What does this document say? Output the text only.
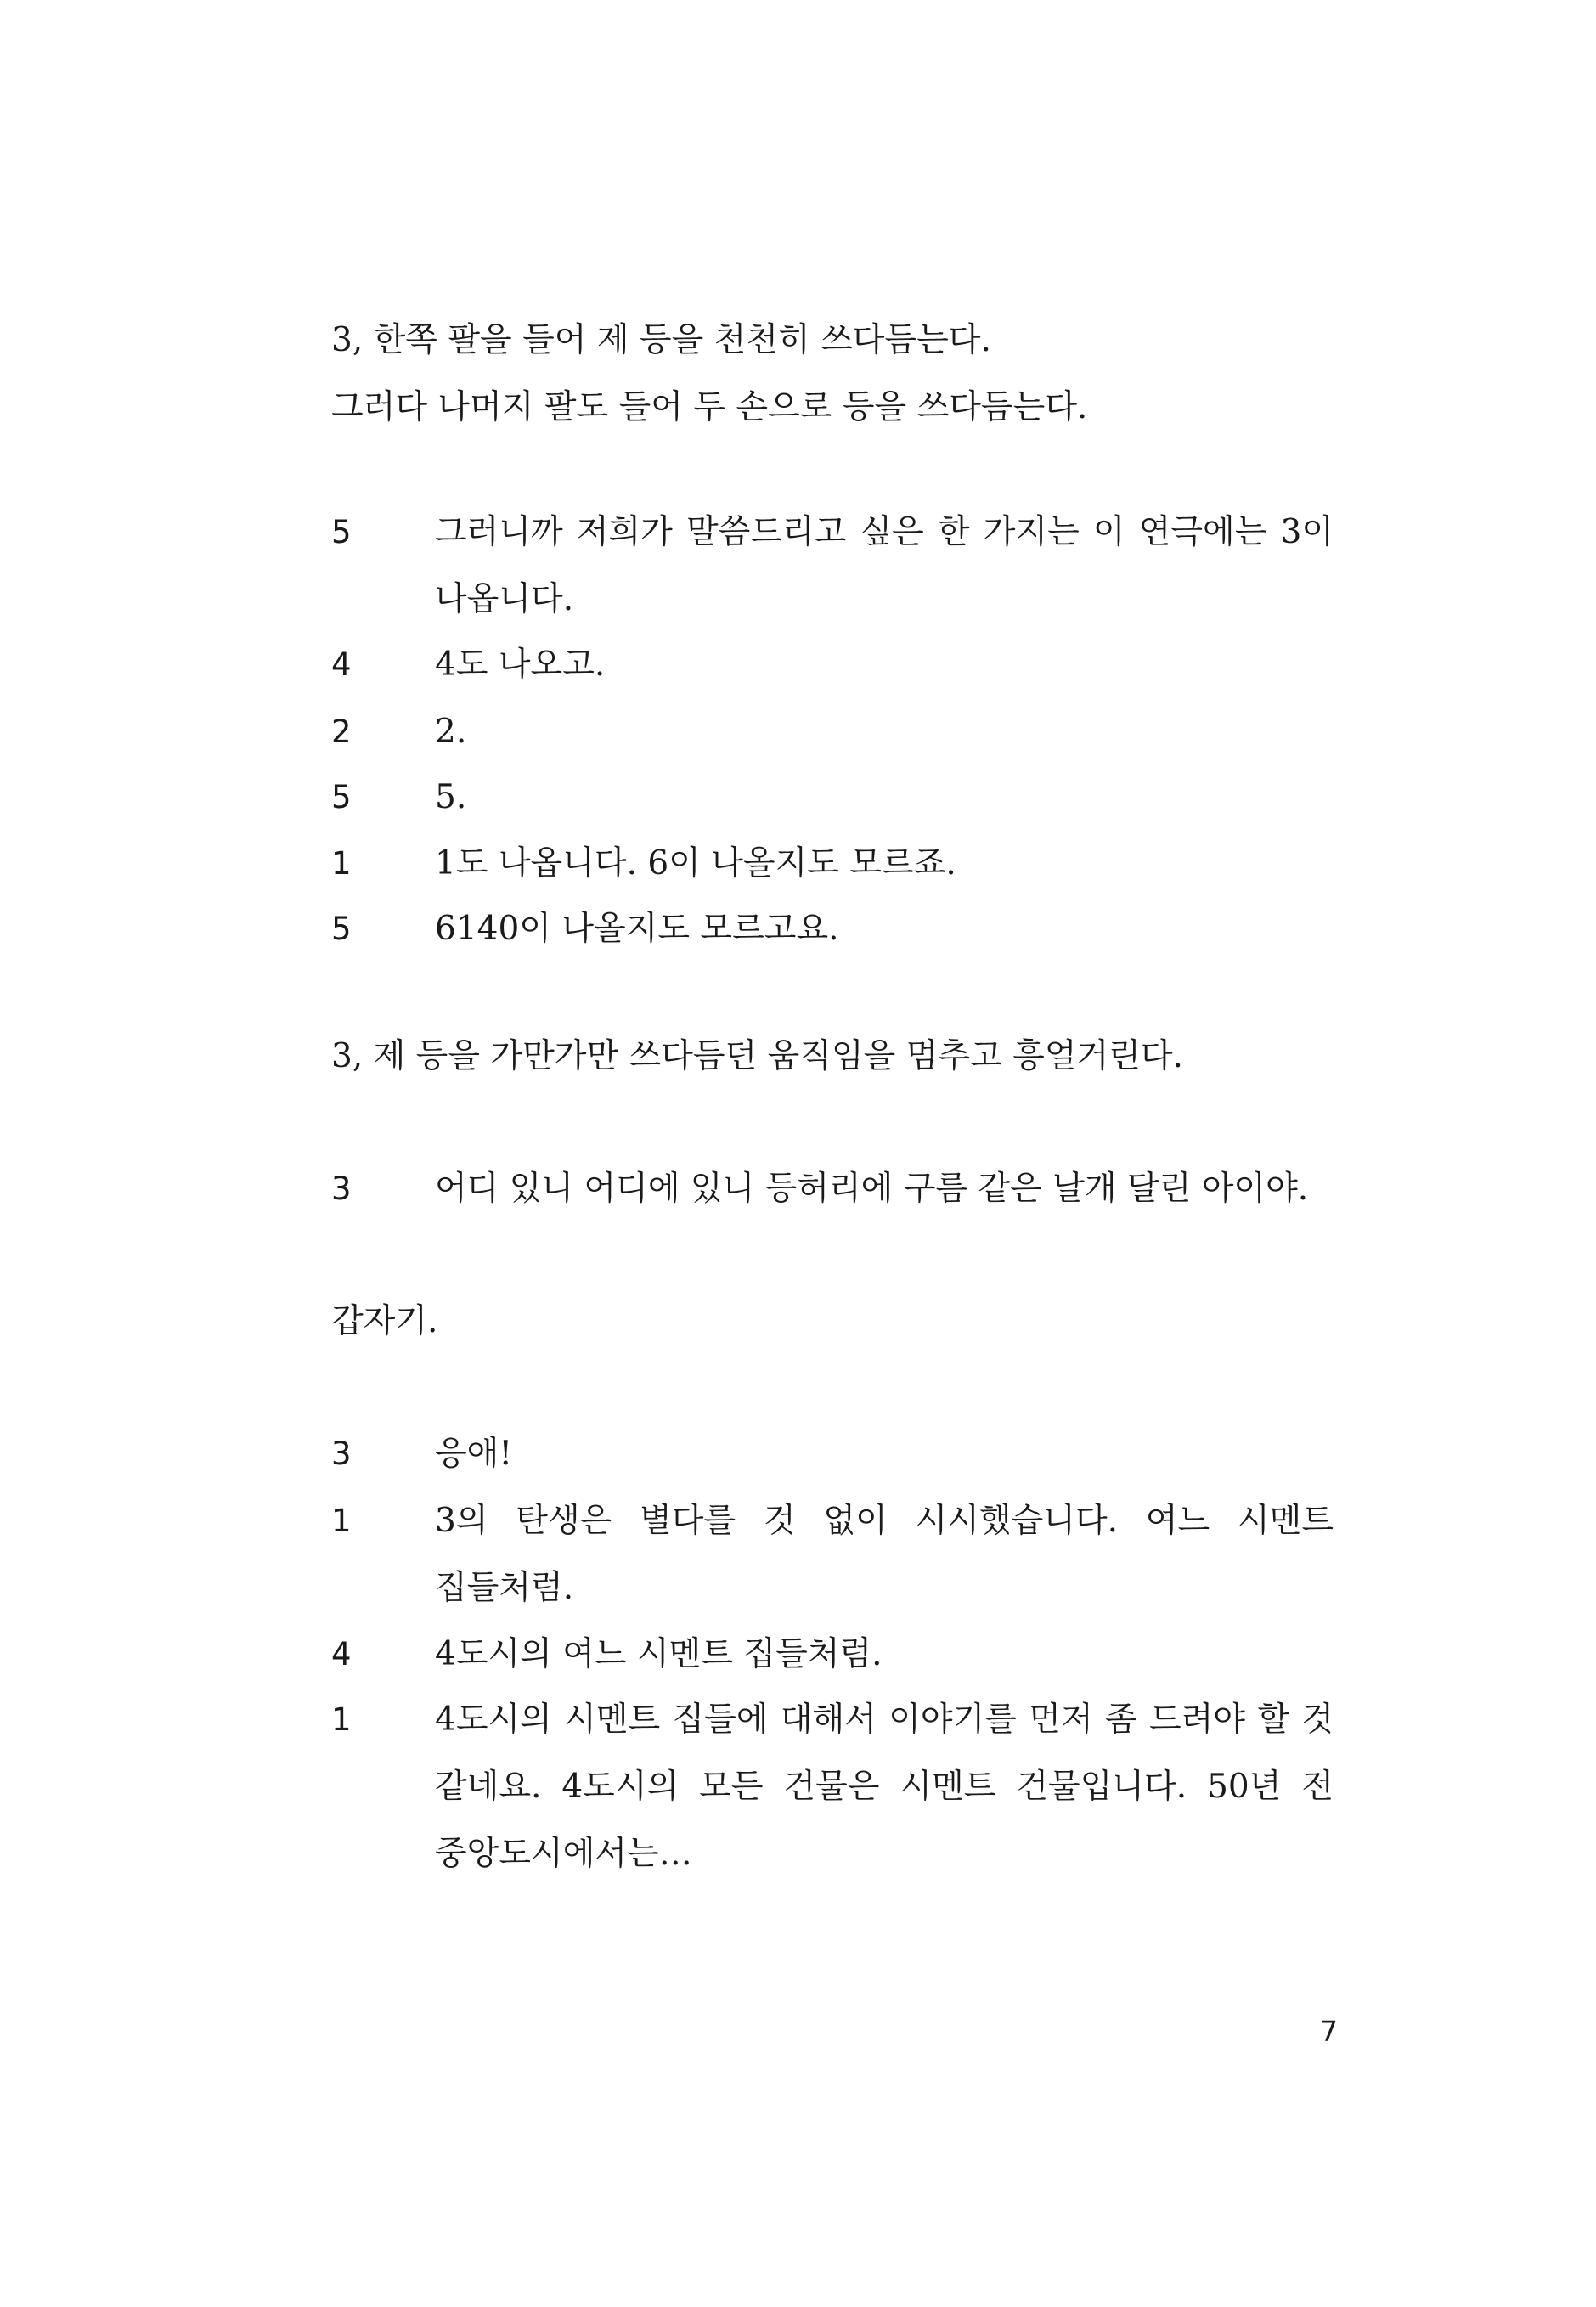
3, 한쪽 팔을 들어 제 등을 천천히 쓰다듬는다.
그러다 나머지 팔도 들어 두 손으로 등을 쓰다듬는다.
5	그러니까 저희가 말씀드리고 싶은 한 가지는 이 연극에는 3이 나옵니다.
4	4도 나오고.
2	2.
5	5.
1	1도 나옵니다. 6이 나올지도 모르죠.
5	6140이 나올지도 모르고요.
3, 제 등을 가만가만 쓰다듬던 움직임을 멈추고 흥얼거린다.
3	어디 있니 어디에 있니 등허리에 구름 같은 날개 달린 아이야.
갑자기.
3	응애!
1	3의 탄생은 별다를 것 없이 시시했습니다. 여느 시멘트 집들처럼.
4	4도시의 여느 시멘트 집들처럼.
1	4도시의 시멘트 집들에 대해서 이야기를 먼저 좀 드려야 할 것 같네요. 4도시의 모든 건물은 시멘트 건물입니다. 50년 전 중앙도시에서는…
7
